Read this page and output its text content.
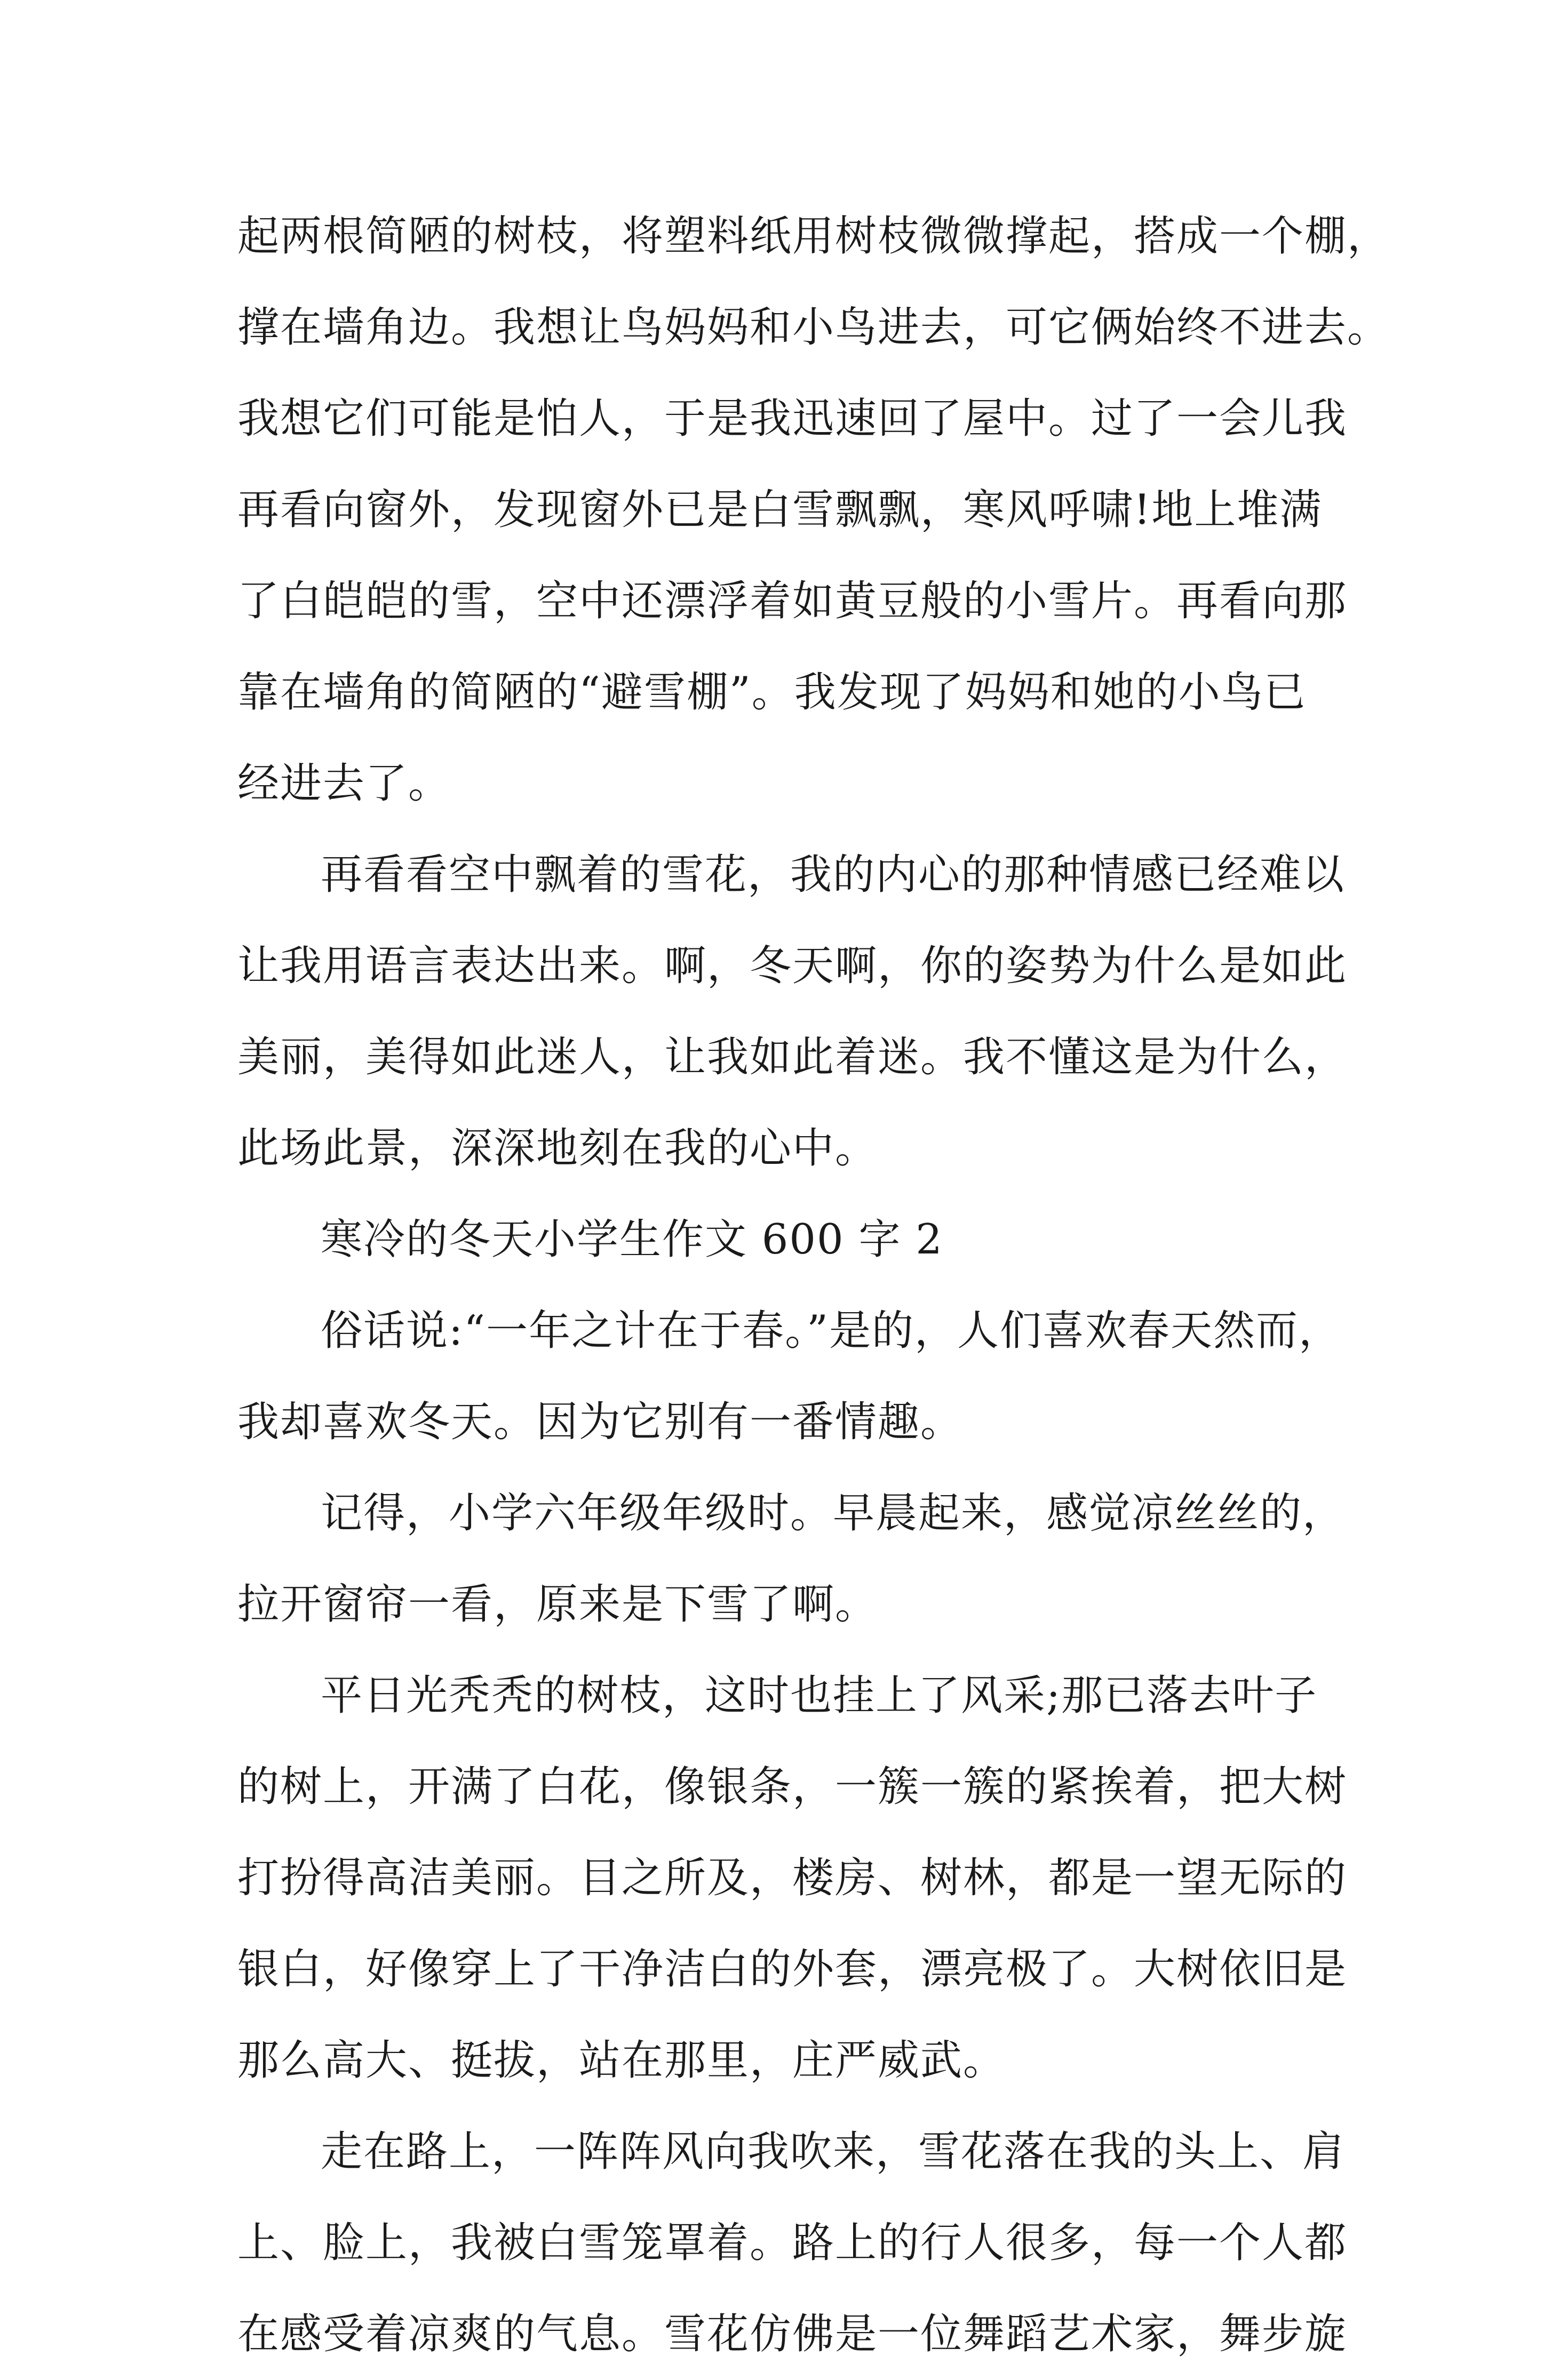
起两根简陋的树枝，将塑料纸用树枝微微撑起，搭成一个棚，
撑在墙角边。我想让鸟妈妈和小鸟进去，可它俩始终不进去。
我想它们可能是怕人，于是我迅速回了屋中。过了一会儿我
再看向窗外，发现窗外已是白雪飘飘，寒风呼啸!地上堆满
了白皑皑的雪，空中还漂浮着如黄豆般的小雪片。再看向那
靠在墙角的简陋的“避雪棚”。我发现了妈妈和她的小鸟已
经进去了。
再看看空中飘着的雪花，我的内心的那种情感已经难以
让我用语言表达出来。啊，冬天啊，你的姿势为什么是如此
美丽，美得如此迷人，让我如此着迷。我不懂这是为什么，
此场此景，深深地刻在我的心中。
寒冷的冬天小学生作文 600 字 2
俗话说:“一年之计在于春。”是的，人们喜欢春天然而，
我却喜欢冬天。因为它别有一番情趣。
记得，小学六年级年级时。早晨起来，感觉凉丝丝的，
拉开窗帘一看，原来是下雪了啊。
平日光秃秃的树枝，这时也挂上了风采;那已落去叶子
的树上，开满了白花，像银条，一簇一簇的紧挨着，把大树
打扮得高洁美丽。目之所及，楼房、树林，都是一望无际的
银白，好像穿上了干净洁白的外套，漂亮极了。大树依旧是
那么高大、挺拔，站在那里，庄严威武。
走在路上，一阵阵风向我吹来，雪花落在我的头上、肩
上、脸上，我被白雪笼罩着。路上的行人很多，每一个人都
在感受着凉爽的气息。雪花仿佛是一位舞蹈艺术家，舞步旋
